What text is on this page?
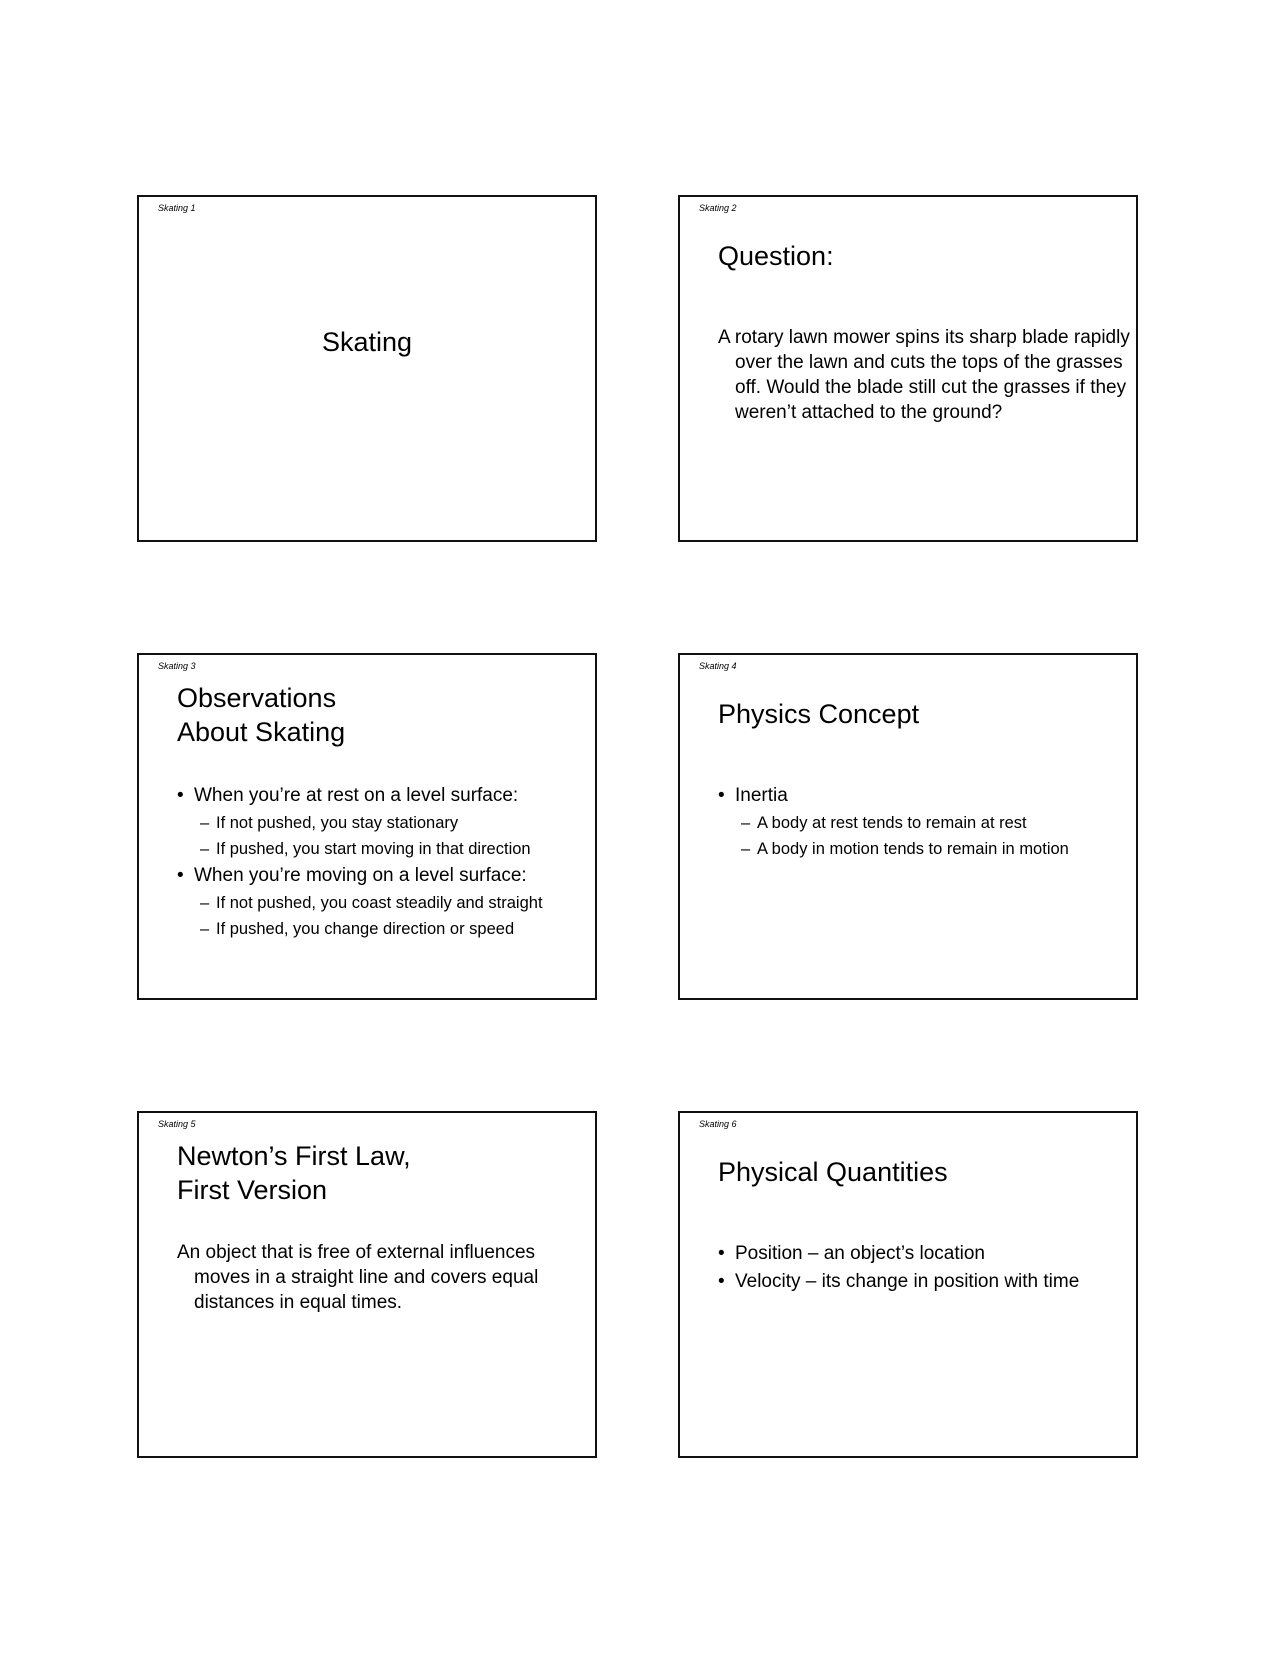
Skating 1
Skating
Skating 2
Question:
A rotary lawn mower spins its sharp blade rapidly over the lawn and cuts the tops of the grasses off. Would the blade still cut the grasses if they weren’t attached to the ground?
Skating 3
Observations
About Skating
• When you’re at rest on a level surface:
– If not pushed, you stay stationary
– If pushed, you start moving in that direction
• When you’re moving on a level surface:
– If not pushed, you coast steadily and straight
– If pushed, you change direction or speed
Skating 4
Physics Concept
• Inertia
– A body at rest tends to remain at rest
– A body in motion tends to remain in motion
Skating 5
Newton’s First Law,
First Version
An object that is free of external influences moves in a straight line and covers equal distances in equal times.
Skating 6
Physical Quantities
• Position – an object’s location
• Velocity – its change in position with time
